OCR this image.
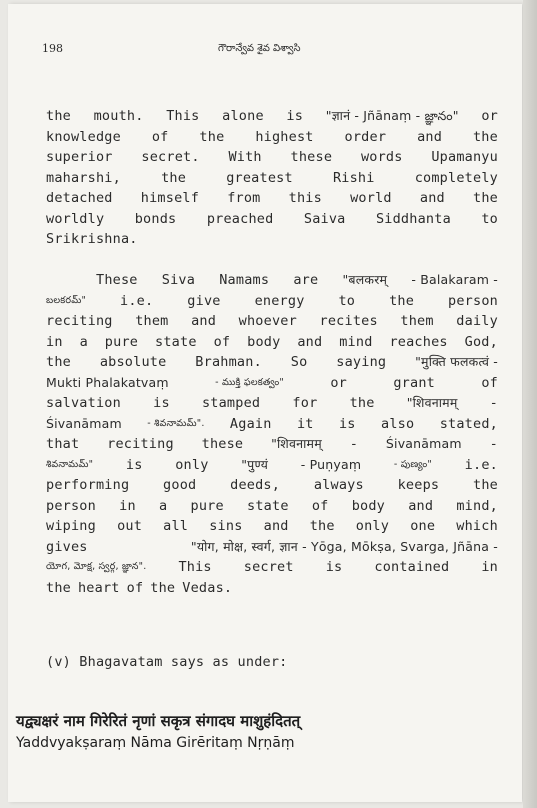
198	గౌరాన్వేవ శైవ విశ్వాసి
the mouth. This alone is "ज्ञानं - Jñānaṃ - జ్ఞానం" or
knowledge of the highest order and the
superior secret. With these words Upamanyu
maharshi,	the	greatest	Rishi	completely
detached himself from this world and the
worldly bonds preached Saiva Siddhanta to
Srikrishna.
These Siva Namams are "बलकरम् - Balakaram -
బలకరమ్"	i.e.	give	energy	to	the	person
reciting them and whoever recites them daily
in a pure state of body and mind reaches God,
the absolute Brahman. So saying "मुक्ति फलकत्वं -
Mukti Phalakatvaṃ	- ముక్తి ఫలకత్వం"	or	grant	of
salvation is stamped for the	"शिवनामम् -
Śivanāmam	- శివనామమ్". Again it is also stated,
that reciting these "शिवनामम् - Śivanāmam -
శివనామమ్" is only	"पुण्यं	- Puṇyaṃ	- పుణ్యం" i.e.
performing	good	deeds,	always	keeps	the
person in a pure state of body and mind,
wiping out all sins and the only one which
gives	"योग, मोक्ष, स्वर्ग, ज्ञान - Yōga, Mōkṣa, Svarga, Jñāna -
యోగ, మోక్ష, స్వర్గ, జ్ఞాన". This secret is contained in
the heart of the Vedas.
(v) Bhagavatam says as under:
यद्व्यक्षरं नाम गिरेरितं नृणां सकृत्र संगादघ माशुहंदितत्
Yaddvyakṣaraṃ Nāma Girēritaṃ Nṛṇāṃ
